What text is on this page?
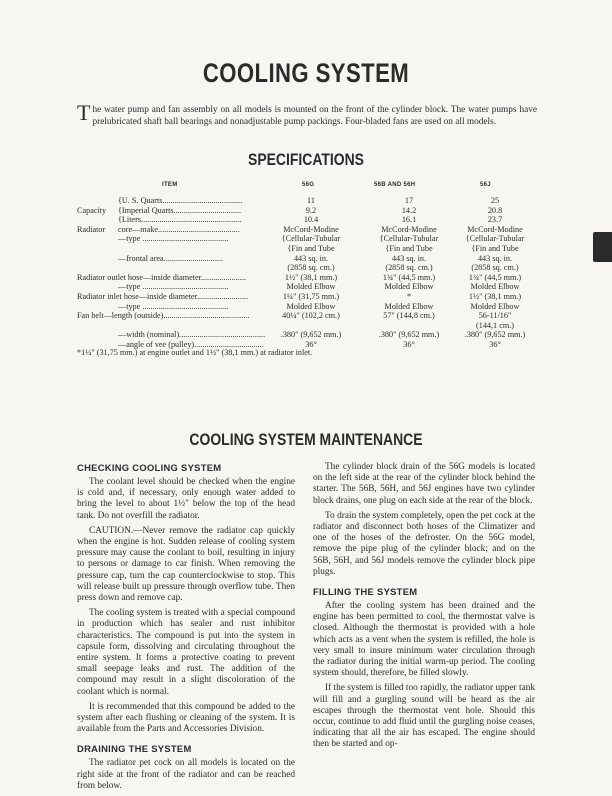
COOLING SYSTEM
The water pump and fan assembly on all models is mounted on the front of the cylinder block. The water pumps have prelubricated shaft ball bearings and nonadjustable pump packings. Four-bladed fans are used on all models.
SPECIFICATIONS
ITEM	56G	56B AND 56H	56J
{U. S. Quarts.......................................	11	17	25
Capacity {Imperial Quarts.................................	9.2	14.2	20.8
{Liters.................................................	10.4	16.1	23.7
Radiator core—make........................................	McCord-Modine	McCord-Modine	McCord-Modine
—type ..........................................	{Cellular-Tubular	{Cellular-Tubular	{Cellular-Tubular
{Fin and Tube	{Fin and Tube	{Fin and Tube
—frontal area.............................	443 sq. in.	443 sq. in.	443 sq. in.
(2858 sq. cm.)	(2858 sq. cm.)	(2858 sq. cm.)
Radiator outlet hose—inside diameter......................	1½" (38,1 mm.)	1¾" (44,5 mm.)	1¾" (44,5 mm.)
—type ..........................................	Molded Elbow	Molded Elbow	Molded Elbow
Radiator inlet hose—inside diameter.........................	1¼" (31,75 mm.)	*	1½" (38,1 mm.)
—type ..........................................	Molded Elbow	Molded Elbow	Molded Elbow
Fan belt—length (outside)..........................................	40¼" (102,2 cm.)	57" (144,8 cm.)	56-11/16"
(144,1 cm.)
—width (nominal)..........................................	.380" (9,652 mm.)	.380" (9,652 mm.)	.380" (9,652 mm.)
—angle of vee (pulley)..................................	36°	36°	36°
*1¼" (31,75 mm.) at engine outlet and 1½" (38,1 mm.) at radiator inlet.
COOLING SYSTEM MAINTENANCE
CHECKING COOLING SYSTEM

The coolant level should be checked when the engine is cold and, if necessary, only enough water added to bring the level to about 1½" below the top of the head tank. Do not overfill the radiator.

CAUTION.—Never remove the radiator cap quickly when the engine is hot. Sudden release of cooling system pressure may cause the coolant to boil, resulting in injury to persons or damage to car finish. When removing the pressure cap, turn the cap counterclockwise to stop. This will release built up pressure through overflow tube. Then press down and remove cap.

The cooling system is treated with a special compound in production which has sealer and rust inhibitor characteristics. The compound is put into the system in capsule form, dissolving and circulating throughout the entire system. It forms a protective coating to prevent small seepage leaks and rust. The addition of the compound may result in a slight discoloration of the coolant which is normal.

It is recommended that this compound be added to the system after each flushing or cleaning of the system. It is available from the Parts and Accessories Division.

DRAINING THE SYSTEM

The radiator pet cock on all models is located on the right side at the front of the radiator and can be reached from below.

The cylinder block drain of the 56G models is located on the left side at the rear of the cylinder block behind the starter. The 56B, 56H, and 56J engines have two cylinder block drains, one plug on each side at the rear of the block.

To drain the system completely, open the pet cock at the radiator and disconnect both hoses of the Climatizer and one of the hoses of the defroster. On the 56G model, remove the pipe plug of the cylinder block; and on the 56B, 56H, and 56J models remove the cylinder block pipe plugs.

FILLING THE SYSTEM

After the cooling system has been drained and the engine has been permitted to cool, the thermostat valve is closed. Although the thermostat is provided with a hole which acts as a vent when the system is refilled, the hole is very small to insure minimum water circulation through the radiator during the initial warm-up period. The cooling system should, therefore, be filled slowly.

If the system is filled too rapidly, the radiator upper tank will fill and a gurgling sound will be heard as the air escapes through the thermostat vent hole. Should this occur, continue to add fluid until the gurgling noise ceases, indicating that all the air has escaped. The engine should then be started and op-
